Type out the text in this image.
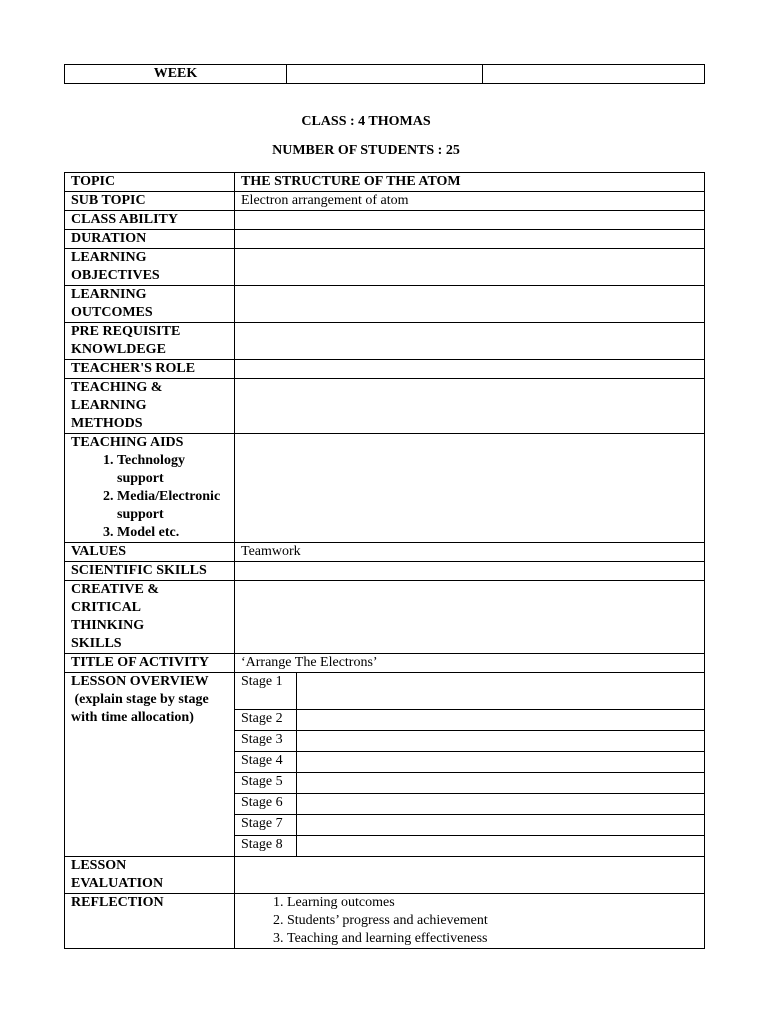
WEEK		
CLASS : 4 THOMAS
NUMBER OF STUDENTS : 25
TOPIC	THE STRUCTURE OF THE ATOM
SUB TOPIC	Electron arrangement of atom
CLASS ABILITY	
DURATION	
LEARNING OBJECTIVES	
LEARNING OUTCOMES	
PRE REQUISITE KNOWLDEGE	
TEACHER'S ROLE	
TEACHING & LEARNING METHODS	

TEACHING AIDS
1. Technology support
2. Media/Electronic support
3. Model etc.

VALUES	Teamwork
SCIENTIFIC SKILLS	
CREATIVE & CRITICAL THINKING SKILLS	
TITLE OF ACTIVITY	‘Arrange The Electrons’

LESSON OVERVIEW
(explain stage by stage with time allocation)

Stage 1	
Stage 2	
Stage 3	
Stage 4	
Stage 5	
Stage 6	
Stage 7	
Stage 8	

LESSON EVALUATION	
REFLECTION	
1.Learning outcomes
2. Students’ progress and achievement
3. Teaching and learning effectiveness
